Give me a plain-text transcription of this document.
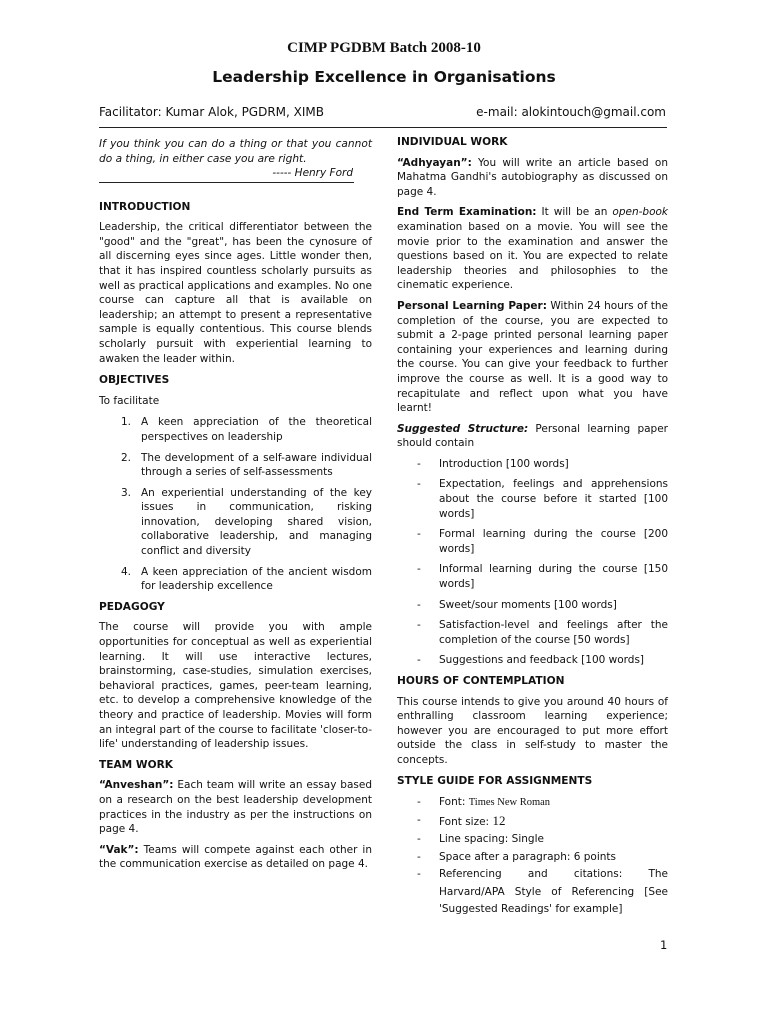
CIMP PGDBM Batch 2008-10
Leadership Excellence in Organisations
Facilitator: Kumar Alok, PGDRM, XIMB	e-mail: alokintouch@gmail.com
If you think you can do a thing or that you cannot do a thing, in either case you are right.
----- Henry Ford
INTRODUCTION

Leadership, the critical differentiator between the "good" and the "great", has been the cynosure of all discerning eyes since ages. Little wonder then, that it has inspired countless scholarly pursuits as well as practical applications and examples. No one course can capture all that is available on leadership; an attempt to present a representative sample is equally contentious. This course blends scholarly pursuit with experiential learning to awaken the leader within.

OBJECTIVES

To facilitate

1. A keen appreciation of the theoretical perspectives on leadership
2. The development of a self-aware individual through a series of self-assessments
3. An experiential understanding of the key issues in communication, risking innovation, developing shared vision, collaborative leadership, and managing conflict and diversity
4. A keen appreciation of the ancient wisdom for leadership excellence
PEDAGOGY

The course will provide you with ample opportunities for conceptual as well as experiential learning. It will use interactive lectures, brainstorming, case-studies, simulation exercises, behavioral practices, games, peer-team learning, etc. to develop a comprehensive knowledge of the theory and practice of leadership. Movies will form an integral part of the course to facilitate 'closer-to-life' understanding of leadership issues.

TEAM WORK

“Anveshan”: Each team will write an essay based on a research on the best leadership development practices in the industry as per the instructions on page 4.

“Vak”: Teams will compete against each other in the communication exercise as detailed on page 4.

INDIVIDUAL WORK

“Adhyayan”: You will write an article based on Mahatma Gandhi's autobiography as discussed on page 4.

End Term Examination: It will be an open-book examination based on a movie. You will see the movie prior to the examination and answer the questions based on it. You are expected to relate leadership theories and philosophies to the cinematic experience.

Personal Learning Paper: Within 24 hours of the completion of the course, you are expected to submit a 2-page printed personal learning paper containing your experiences and learning during the course. You can give your feedback to further improve the course as well. It is a good way to recapitulate and reflect upon what you have learnt!

Suggested Structure: Personal learning paper should contain

-	Introduction [100 words]
-	Expectation, feelings and apprehensions about the course before it started [100 words]
-	Formal learning during the course [200 words]
-	Informal learning during the course [150 words]
-	Sweet/sour moments [100 words]
-	Satisfaction-level and feelings after the completion of the course [50 words]
-	Suggestions and feedback [100 words]
HOURS OF CONTEMPLATION

This course intends to give you around 40 hours of enthralling classroom learning experience; however you are encouraged to put more effort outside the class in self-study to master the concepts.

STYLE GUIDE FOR ASSIGNMENTS
-	Font: Times New Roman
-	Font size: 12
-	Line spacing: Single
-	Space after a paragraph: 6 points
-	Referencing and citations: The Harvard/APA Style of Referencing [See 'Suggested Readings' for example]
1
